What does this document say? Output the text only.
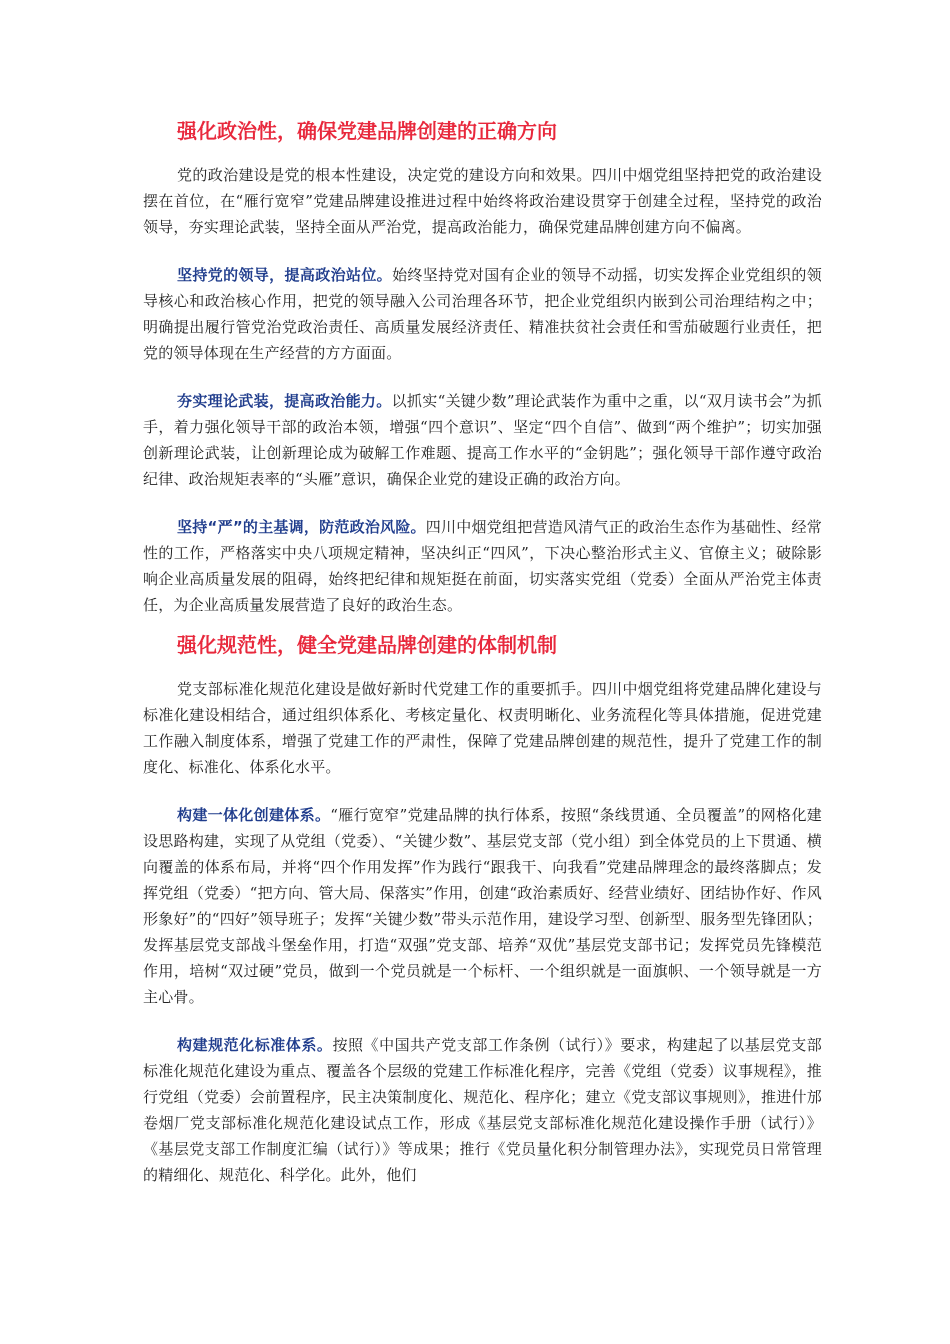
强化政治性，确保党建品牌创建的正确方向

党的政治建设是党的根本性建设，决定党的建设方向和效果。四川中烟党组坚持把党的政治建设摆在首位，在“雁行宽窄”党建品牌建设推进过程中始终将政治建设贯穿于创建全过程，坚持党的政治领导，夯实理论武装，坚持全面从严治党，提高政治能力，确保党建品牌创建方向不偏离。

坚持党的领导，提高政治站位。始终坚持党对国有企业的领导不动摇，切实发挥企业党组织的领导核心和政治核心作用，把党的领导融入公司治理各环节，把企业党组织内嵌到公司治理结构之中；明确提出履行管党治党政治责任、高质量发展经济责任、精准扶贫社会责任和雪茄破题行业责任，把党的领导体现在生产经营的方方面面。

夯实理论武装，提高政治能力。以抓实“关键少数”理论武装作为重中之重，以“双月读书会”为抓手，着力强化领导干部的政治本领，增强“四个意识”、坚定“四个自信”、做到“两个维护”；切实加强创新理论武装，让创新理论成为破解工作难题、提高工作水平的“金钥匙”；强化领导干部作遵守政治纪律、政治规矩表率的“头雁”意识，确保企业党的建设正确的政治方向。

坚持“严”的主基调，防范政治风险。四川中烟党组把营造风清气正的政治生态作为基础性、经常性的工作，严格落实中央八项规定精神，坚决纠正“四风”，下决心整治形式主义、官僚主义；破除影响企业高质量发展的阻碍，始终把纪律和规矩挺在前面，切实落实党组（党委）全面从严治党主体责任，为企业高质量发展营造了良好的政治生态。

强化规范性，健全党建品牌创建的体制机制

党支部标准化规范化建设是做好新时代党建工作的重要抓手。四川中烟党组将党建品牌化建设与标准化建设相结合，通过组织体系化、考核定量化、权责明晰化、业务流程化等具体措施，促进党建工作融入制度体系，增强了党建工作的严肃性，保障了党建品牌创建的规范性，提升了党建工作的制度化、标准化、体系化水平。

构建一体化创建体系。“雁行宽窄”党建品牌的执行体系，按照“条线贯通、全员覆盖”的网格化建设思路构建，实现了从党组（党委）、“关键少数”、基层党支部（党小组）到全体党员的上下贯通、横向覆盖的体系布局，并将“四个作用发挥”作为践行“跟我干、向我看”党建品牌理念的最终落脚点；发挥党组（党委）“把方向、管大局、保落实”作用，创建“政治素质好、经营业绩好、团结协作好、作风形象好”的“四好”领导班子；发挥“关键少数”带头示范作用，建设学习型、创新型、服务型先锋团队；发挥基层党支部战斗堡垒作用，打造“双强”党支部、培养“双优”基层党支部书记；发挥党员先锋模范作用，培树“双过硬”党员，做到一个党员就是一个标杆、一个组织就是一面旗帜、一个领导就是一方主心骨。

构建规范化标准体系。按照《中国共产党支部工作条例（试行）》要求，构建起了以基层党支部标准化规范化建设为重点、覆盖各个层级的党建工作标准化程序，完善《党组（党委）议事规程》，推行党组（党委）会前置程序，民主决策制度化、规范化、程序化；建立《党支部议事规则》，推进什邡卷烟厂党支部标准化规范化建设试点工作，形成《基层党支部标准化规范化建设操作手册（试行）》《基层党支部工作制度汇编（试行）》等成果；推行《党员量化积分制管理办法》，实现党员日常管理的精细化、规范化、科学化。此外，他们
